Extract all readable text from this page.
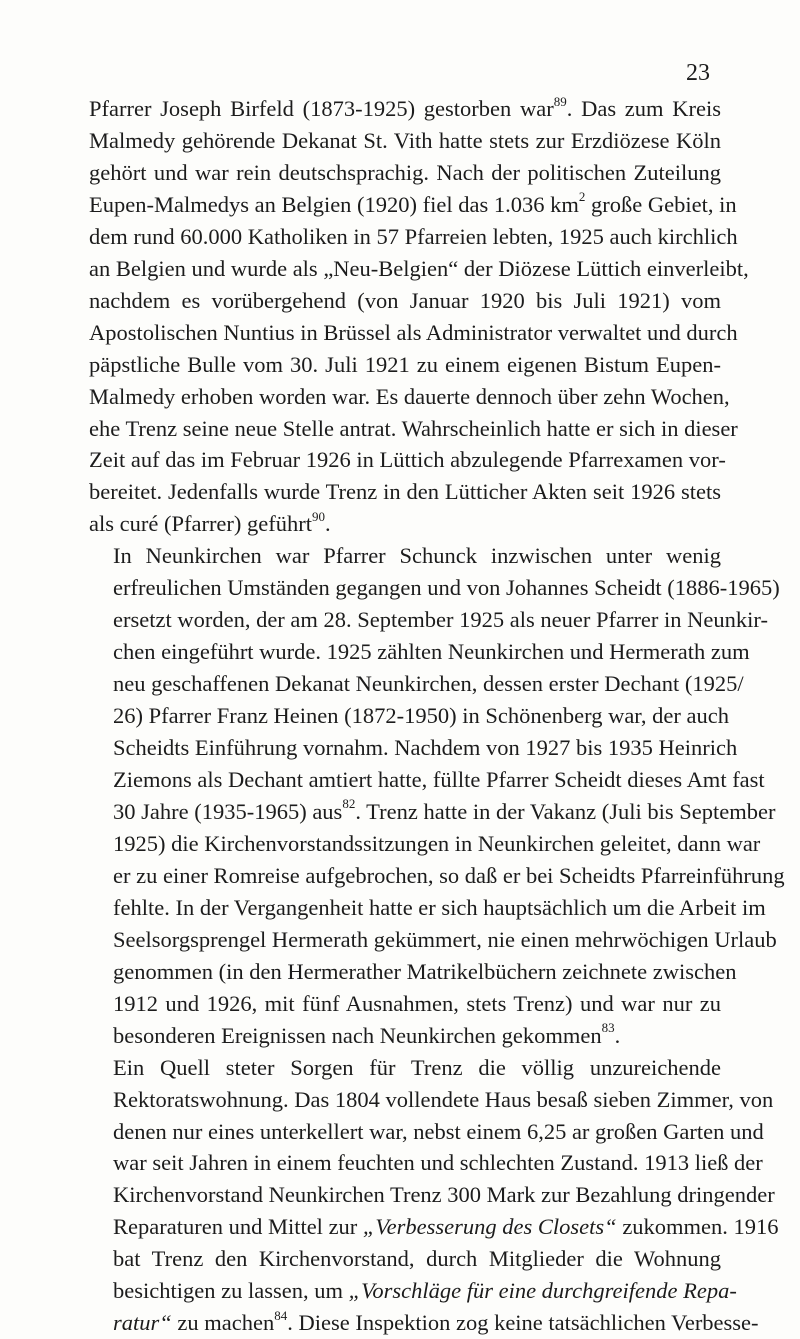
23

Pfarrer Joseph Birfeld (1873-1925) gestorben war$^{89}$. Das zum Kreis
Malmedy gehörende Dekanat St. Vith hatte stets zur Erzdiözese Köln
gehört und war rein deutschsprachig. Nach der politischen Zuteilung
Eupen-Malmedys an Belgien (1920) fiel das 1.036 $km^2$ große Gebiet, in
dem rund 60.000 Katholiken in 57 Pfarreien lebten, 1925 auch kirchlich
an Belgien und wurde als „Neu-Belgien“ der Diözese Lüttich einverleibt,
nachdem es vorübergehend (von Januar 1920 bis Juli 1921) vom
Apostolischen Nuntius in Brüssel als Administrator verwaltet und durch
päpstliche Bulle vom 30. Juli 1921 zu einem eigenen Bistum Eupen-
Malmedy erhoben worden war. Es dauerte dennoch über zehn Wochen,
ehe Trenz seine neue Stelle antrat. Wahrscheinlich hatte er sich in dieser
Zeit auf das im Februar 1926 in Lüttich abzulegende Pfarrexamen vor-
bereitet. Jedenfalls wurde Trenz in den Lütticher Akten seit 1926 stets
als curé (Pfarrer) geführt$^{90}$.

In Neunkirchen war Pfarrer Schunck inzwischen unter wenig
erfreulichen Umständen gegangen und von Johannes Scheidt (1886-1965)
ersetzt worden, der am 28. September 1925 als neuer Pfarrer in Neunkir-
chen eingeführt wurde. 1925 zählten Neunkirchen und Hermerath zum
neu geschaffenen Dekanat Neunkirchen, dessen erster Dechant (1925/
26) Pfarrer Franz Heinen (1872-1950) in Schönenberg war, der auch
Scheidts Einführung vornahm. Nachdem von 1927 bis 1935 Heinrich
Ziemons als Dechant amtiert hatte, füllte Pfarrer Scheidt dieses Amt fast
30 Jahre (1935-1965) aus$^{82}$. Trenz hatte in der Vakanz (Juli bis September
1925) die Kirchenvorstandssitzungen in Neunkirchen geleitet, dann war
er zu einer Romreise aufgebrochen, so daß er bei Scheidts Pfarreinführung
fehlte. In der Vergangenheit hatte er sich hauptsächlich um die Arbeit im
Seelsorgsprengel Hermerath gekümmert, nie einen mehrwöchigen Urlaub
genommen (in den Hermerather Matrikelbüchern zeichnete zwischen
1912 und 1926, mit fünf Ausnahmen, stets Trenz) und war nur zu
besonderen Ereignissen nach Neunkirchen gekommen$^{83}$.

Ein Quell steter Sorgen für Trenz die völlig unzureichende
Rektoratswohnung. Das 1804 vollendete Haus besaß sieben Zimmer, von
denen nur eines unterkellert war, nebst einem 6,25 ar großen Garten und
war seit Jahren in einem feuchten und schlechten Zustand. 1913 ließ der
Kirchenvorstand Neunkirchen Trenz 300 Mark zur Bezahlung dringender
Reparaturen und Mittel zur „Verbesserung des Closets“ zukommen. 1916
bat Trenz den Kirchenvorstand, durch Mitglieder die Wohnung
besichtigen zu lassen, um „Vorschläge für eine durchgreifende Repa-
ratur“ zu machen$^{84}$. Diese Inspektion zog keine tatsächlichen Verbesse-
